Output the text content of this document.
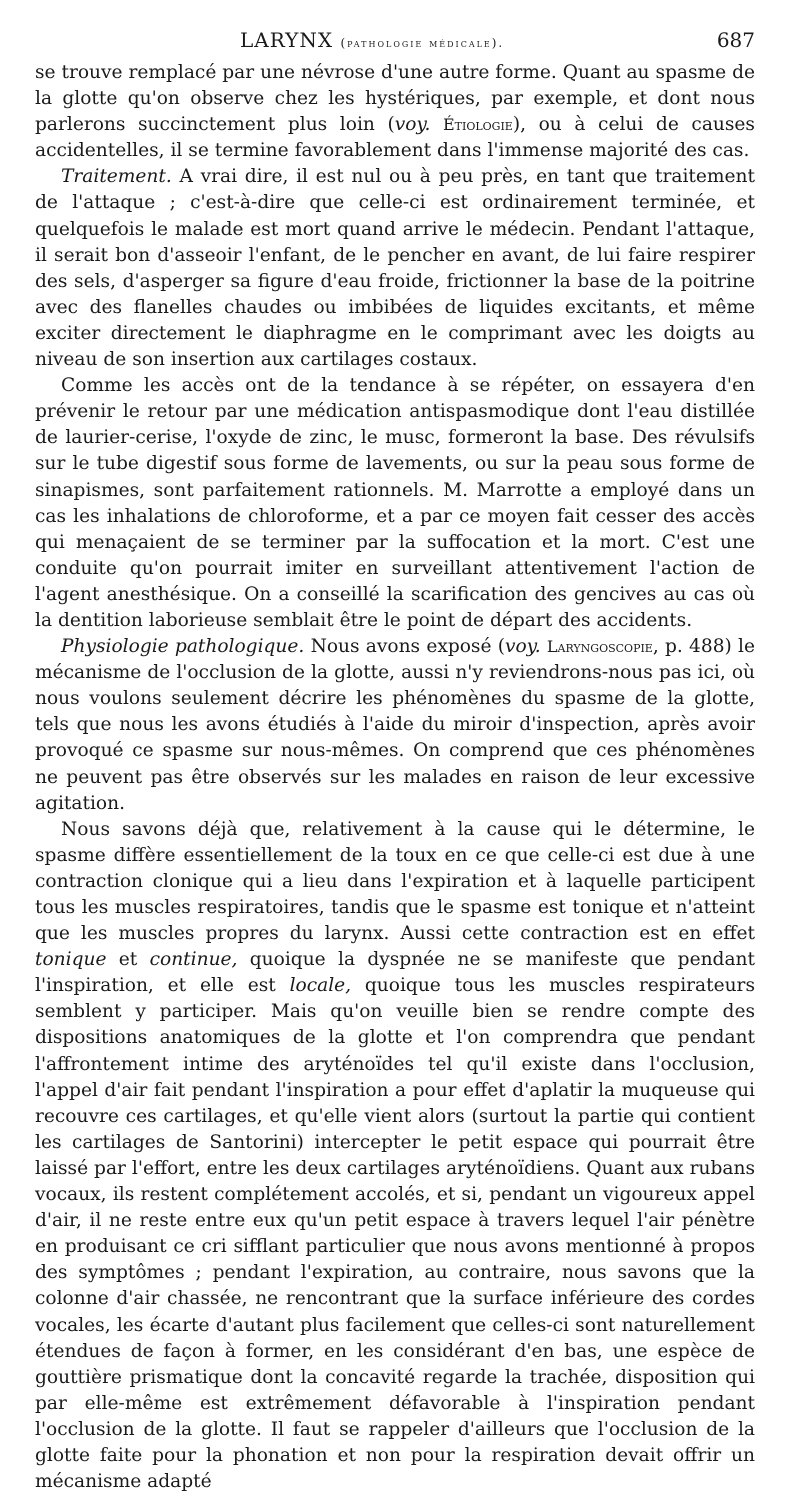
LARYNX (pathologie médicale).	687

se trouve remplacé par une névrose d'une autre forme. Quant au spasme de la glotte qu'on observe chez les hystériques, par exemple, et dont nous parlerons succinctement plus loin (voy. Étiologie), ou à celui de causes accidentelles, il se termine favorablement dans l'immense majorité des cas.

Traitement. A vrai dire, il est nul ou à peu près, en tant que traitement de l'attaque ; c'est-à-dire que celle-ci est ordinairement terminée, et quelquefois le malade est mort quand arrive le médecin. Pendant l'attaque, il serait bon d'asseoir l'enfant, de le pencher en avant, de lui faire respirer des sels, d'asperger sa figure d'eau froide, frictionner la base de la poitrine avec des flanelles chaudes ou imbibées de liquides excitants, et même exciter directement le diaphragme en le comprimant avec les doigts au niveau de son insertion aux cartilages costaux.

Comme les accès ont de la tendance à se répéter, on essayera d'en prévenir le retour par une médication antispasmodique dont l'eau distillée de laurier-cerise, l'oxyde de zinc, le musc, formeront la base. Des révulsifs sur le tube digestif sous forme de lavements, ou sur la peau sous forme de sinapismes, sont parfaitement rationnels. M. Marrotte a employé dans un cas les inhalations de chloroforme, et a par ce moyen fait cesser des accès qui menaçaient de se terminer par la suffocation et la mort. C'est une conduite qu'on pourrait imiter en surveillant attentivement l'action de l'agent anesthésique. On a conseillé la scarification des gencives au cas où la dentition laborieuse semblait être le point de départ des accidents.

Physiologie pathologique. Nous avons exposé (voy. Laryngoscopie, p. 488) le mécanisme de l'occlusion de la glotte, aussi n'y reviendrons-nous pas ici, où nous voulons seulement décrire les phénomènes du spasme de la glotte, tels que nous les avons étudiés à l'aide du miroir d'inspection, après avoir provoqué ce spasme sur nous-mêmes. On comprend que ces phénomènes ne peuvent pas être observés sur les malades en raison de leur excessive agitation.

Nous savons déjà que, relativement à la cause qui le détermine, le spasme diffère essentiellement de la toux en ce que celle-ci est due à une contraction clonique qui a lieu dans l'expiration et à laquelle participent tous les muscles respiratoires, tandis que le spasme est tonique et n'atteint que les muscles propres du larynx. Aussi cette contraction est en effet tonique et continue, quoique la dyspnée ne se manifeste que pendant l'inspiration, et elle est locale, quoique tous les muscles respirateurs semblent y participer. Mais qu'on veuille bien se rendre compte des dispositions anatomiques de la glotte et l'on comprendra que pendant l'affrontement intime des aryténoïdes tel qu'il existe dans l'occlusion, l'appel d'air fait pendant l'inspiration a pour effet d'aplatir la muqueuse qui recouvre ces cartilages, et qu'elle vient alors (surtout la partie qui contient les cartilages de Santorini) intercepter le petit espace qui pourrait être laissé par l'effort, entre les deux cartilages aryténoïdiens. Quant aux rubans vocaux, ils restent complétement accolés, et si, pendant un vigoureux appel d'air, il ne reste entre eux qu'un petit espace à travers lequel l'air pénètre en produisant ce cri sifflant particulier que nous avons mentionné à propos des symptômes ; pendant l'expiration, au contraire, nous savons que la colonne d'air chassée, ne rencontrant que la surface inférieure des cordes vocales, les écarte d'autant plus facilement que celles-ci sont naturellement étendues de façon à former, en les considérant d'en bas, une espèce de gouttière prismatique dont la concavité regarde la trachée, disposition qui par elle-même est extrêmement défavorable à l'inspiration pendant l'occlusion de la glotte. Il faut se rappeler d'ailleurs que l'occlusion de la glotte faite pour la phonation et non pour la respiration devait offrir un mécanisme adapté
